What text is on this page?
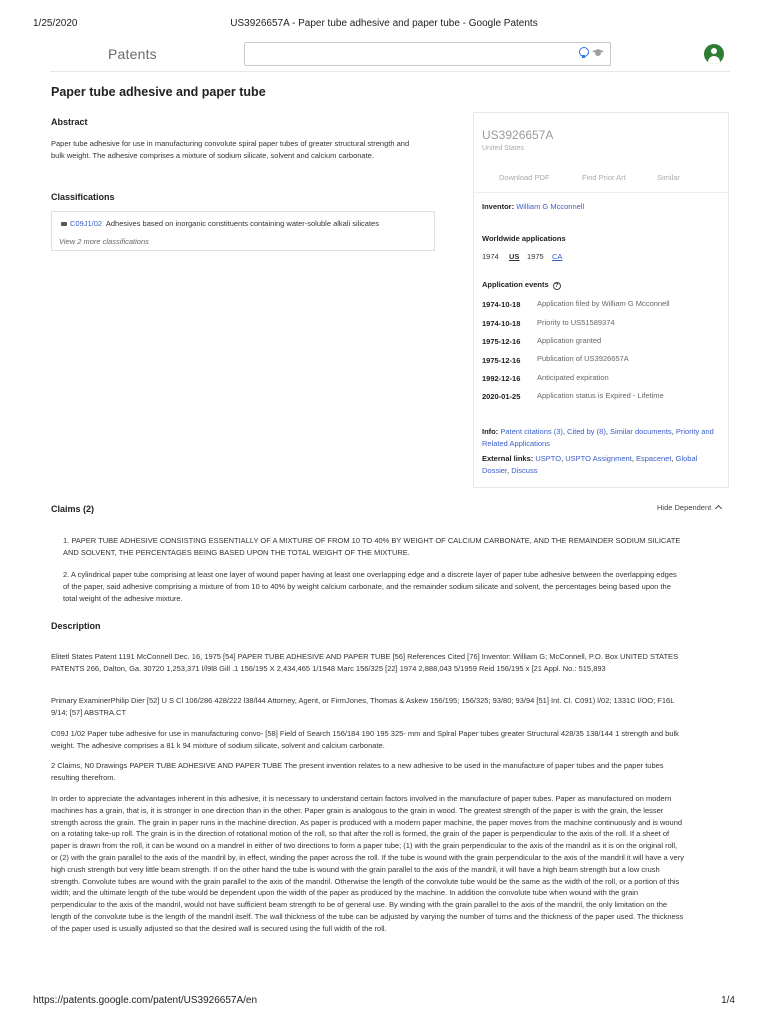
1/25/2020	US3926657A - Paper tube adhesive and paper tube - Google Patents
https://patents.google.com/patent/US3926657A/en	1/4
Patents
Paper tube adhesive and paper tube
Abstract
Paper tube adhesive for use in manufacturing convolute spiral paper tubes of greater structural strength and bulk weight. The adhesive comprises a mixture of sodium silicate, solvent and calcium carbonate.
Classifications
C09J1/02 Adhesives based on inorganic constituents containing water-soluble alkali silicates
View 2 more classifications
US3926657A
United States
Download PDF	Find Prior Art	Similar
Inventor: William G Mcconnell
Worldwide applications
1974 US 1975 CA
Application events ?
1974-10-18 Application filed by William G Mcconnell
1974-10-18 Priority to US51589374
1975-12-16 Application granted
1975-12-16 Publication of US3926657A
1992-12-16 Anticipated expiration
2020-01-25 Application status is Expired - Lifetime
Info: Patent citations (3), Cited by (8), Similar documents, Priority and Related Applications
External links: USPTO, USPTO Assignment, Espacenet, Global Dossier, Discuss
Claims (2)	Hide Dependent
1. PAPER TUBE ADHESIVE CONSISTING ESSENTIALLY OF A MIXTURE OF FROM 10 TO 40% BY WEIGHT OF CALCIUM CARBONATE, AND THE REMAINDER SODIUM SILICATE AND SOLVENT, THE PERCENTAGES BEING BASED UPON THE TOTAL WEIGHT OF THE MIXTURE.
2. A cylindrical paper tube comprising at least one layer of wound paper having at least one overlapping edge and a discrete layer of paper tube adhesive between the overlapping edges of the paper, said adhesive comprising a mixture of from 10 to 40% by weight calcium carbonate, and the remainder sodium silicate and solvent, the percentages being based upon the total weight of the adhesive mixture.
Description
Elitetl States Patent 1191 McConnell Dec. 16, 1975 [54] PAPER TUBE ADHESIVE AND PAPER TUBE [56] References Cited [76] Inventor: William G; McConnell, P.O. Box UNITED STATES PATENTS 266, Dalton, Ga. 30720 1,253,371 l/l9l8 Gill .1 156/195 X 2,434,465 1/1948 Marc 156/325 [22] 1974 2,888,043 5/1959 Reid 156/195 x [21 Appl. No.: 515,893
Primary ExaminerPhilip Dier [52] U S Cl 106/286 428/222 l38/l44 Attorney, Agent, or FirmJones, Thomas & Askew 156/195; 156/325; 93/80; 93/94 [51] Int. Cl. C091) l/02; 1331C l/OO; F16L 9/14; [57] ABSTRA.CT
C09J 1/02 Paper tube adhesive for use in manufacturing convo- [58] Field of Search 156/184 190 195 325- mm and Splral Paper tubes greater Structural 428/35 138/144 1 strength and bulk weight. The adhesive comprises a 81 k 94 mixture of sodium silicate, solvent and calcium carbonate.
2 Claims, N0 Drawings PAPER TUBE ADHESIVE AND PAPER TUBE The present invention relates to a new adhesive to be used in the manufacture of paper tubes and the paper tubes resulting therefrom.
In order to appreciate the advantages inherent in this adhesive, it is necessary to understand certain factors involved in the manufacture of paper tubes. Paper as manufactured on modern machines has a grain, that is, it is stronger in one direction than in the other. Paper grain is analogous to the grain in wood. The greatest strength of the paper is with the grain, the lesser strength across the grain. The grain in paper runs in the machine direction. As paper is produced with a modern paper machine, the paper moves from the machine continuously and is wound on a rotating take-up roll. The grain is in the direction of rotational motion of the roll, so that after the roll is formed, the grain of the paper is perpendicular to the axis of the roll. If a sheet of paper is drawn from the roll, it can be wound on a mandrel in either of two directions to form a paper tube; (1) with the grain perpendicular to the axis of the mandril as it is on the original roll, or (2) with the grain parallel to the axis of the mandril by, in effect, winding the paper across the roll. If the tube is wound with the grain perpendicular to the axis of the mandril it will have a very high crush strength but very little beam strength. If on the other hand the tube is wound with the grain parallel to the axis of the mandril, it will have a high beam strength but a low crush strength. Convolute tubes are wound with the grain parallel to the axis of the mandril. Otherwise the length of the convolute tube would be the same as the width of the roll, or a portion of this width; and the ultimate length of the tube would be dependent upon the width of the paper as produced by the machine. In addition the convolute tube when wound with the grain perpendicular to the axis of the mandril, would not have sufficient beam strength to be of general use. By winding with the grain parallel to the axis of the mandril, the only limitation on the length of the convolute tube is the length of the mandril itself. The wall thickness of the tube can be adjusted by varying the number of turns and the thickness of the paper used. The thickness of the paper used is usually adjusted so that the desired wall is secured using the full width of the roll.
